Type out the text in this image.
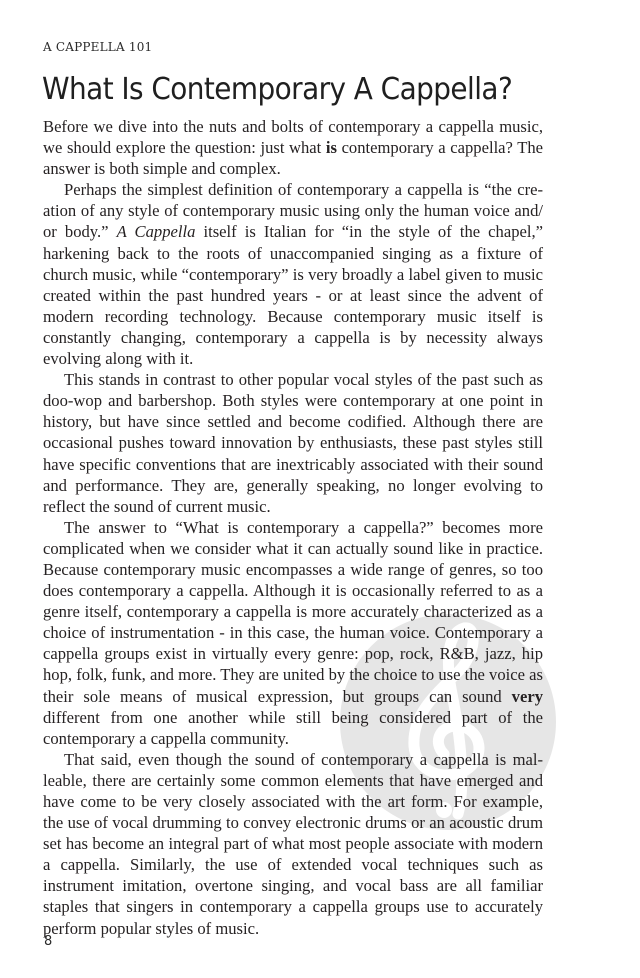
A CAPPELLA 101
What Is Contemporary A Cappella?

Before we dive into the nuts and bolts of contemporary a cappella music, we should explore the question: just what is contemporary a cappella? The answer is both simple and complex.

Perhaps the simplest definition of contemporary a cappella is “the creation of any style of contemporary music using only the human voice and/​or body.” A Cappella itself is Italian for “in the style of the chapel,” harkening back to the roots of unaccompanied singing as a fixture of church music, while “contemporary” is very broadly a label given to music created within the past hundred years - or at least since the advent of modern recording technology. Because contemporary music itself is constantly changing, contemporary a cappella is by necessity always evolving along with it.

This stands in contrast to other popular vocal styles of the past such as doo-wop and barbershop. Both styles were contemporary at one point in history, but have since settled and become codified. Although there are occasional pushes toward innovation by enthusiasts, these past styles still have specific conventions that are inextricably associated with their sound and performance. They are, generally speaking, no longer evolving to reflect the sound of current music.

The answer to “What is contemporary a cappella?” becomes more complicated when we consider what it can actually sound like in practice. Because contemporary music encompasses a wide range of genres, so too does contemporary a cappella. Although it is occasionally referred to as a genre itself, contemporary a cappella is more accurately characterized as a choice of instrumentation - in this case, the human voice. Contemporary a cappella groups exist in virtually every genre: pop, rock, R&B, jazz, hip hop, folk, funk, and more. They are united by the choice to use the voice as their sole means of musical expression, but groups can sound very different from one another while still being considered part of the contemporary a cappella community.

That said, even though the sound of contemporary a cappella is malleable, there are certainly some common elements that have emerged and have come to be very closely associated with the art form. For example, the use of vocal drumming to convey electronic drums or an acoustic drum set has become an integral part of what most people associate with modern a cappella. Similarly, the use of extended vocal techniques such as instrument imitation, overtone singing, and vocal bass are all familiar staples that singers in contemporary a cappella groups use to accurately perform popular styles of music.

8
